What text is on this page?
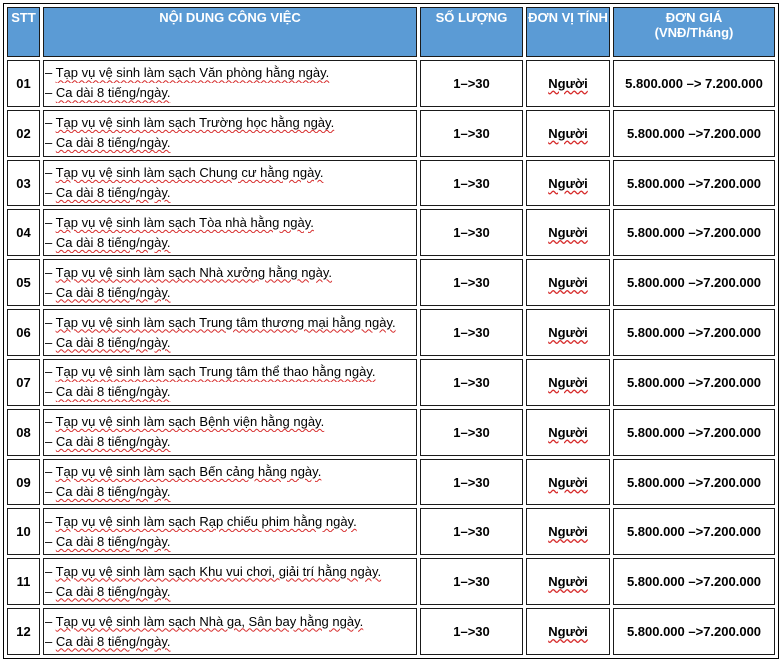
STT	NỘI DUNG CÔNG VIỆC	SỐ LƯỢNG	ĐƠN VỊ TÍNH	ĐƠN GIÁ
(VNĐ/Tháng)

01	– Tạp vụ vệ sinh làm sạch Văn phòng hằng ngày.
– Ca dài 8 tiếng/ngày.	1–>30	Người	5.800.000 –> 7.200.000
02	– Tạp vụ vệ sinh làm sạch Trường học hằng ngày.
– Ca dài 8 tiếng/ngày.	1–>30	Người	5.800.000 –>7.200.000
03	– Tạp vụ vệ sinh làm sạch Chung cư hằng ngày.
– Ca dài 8 tiếng/ngày.	1–>30	Người	5.800.000 –>7.200.000
04	– Tạp vụ vệ sinh làm sạch Tòa nhà hằng ngày.
– Ca dài 8 tiếng/ngày.	1–>30	Người	5.800.000 –>7.200.000
05	– Tạp vụ vệ sinh làm sạch Nhà xưởng hằng ngày.
– Ca dài 8 tiếng/ngày.	1–>30	Người	5.800.000 –>7.200.000
06	– Tạp vụ vệ sinh làm sạch Trung tâm thương mại hằng ngày.
– Ca dài 8 tiếng/ngày.	1–>30	Người	5.800.000 –>7.200.000
07	– Tạp vụ vệ sinh làm sạch Trung tâm thể thao hằng ngày.
– Ca dài 8 tiếng/ngày.	1–>30	Người	5.800.000 –>7.200.000
08	– Tạp vụ vệ sinh làm sạch Bệnh viện hằng ngày.
– Ca dài 8 tiếng/ngày.	1–>30	Người	5.800.000 –>7.200.000
09	– Tạp vụ vệ sinh làm sạch Bến cảng hằng ngày.
– Ca dài 8 tiếng/ngày.	1–>30	Người	5.800.000 –>7.200.000
10	– Tạp vụ vệ sinh làm sạch Rạp chiếu phim hằng ngày.
– Ca dài 8 tiếng/ngày.	1–>30	Người	5.800.000 –>7.200.000
11	– Tạp vụ vệ sinh làm sạch Khu vui chơi, giải trí hằng ngày.
– Ca dài 8 tiếng/ngày.	1–>30	Người	5.800.000 –>7.200.000
12	– Tạp vụ vệ sinh làm sạch Nhà ga, Sân bay hằng ngày.
– Ca dài 8 tiếng/ngày.	1–>30	Người	5.800.000 –>7.200.000
